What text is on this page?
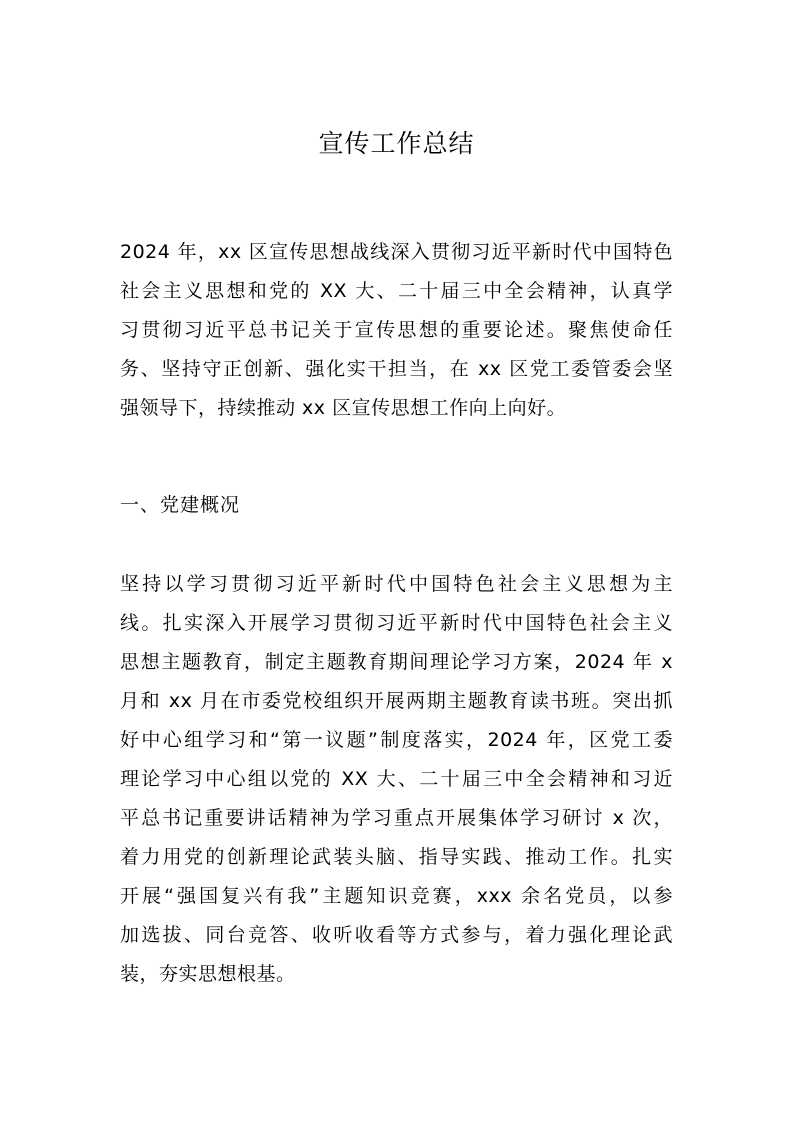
宣传工作总结
2024 年，xx 区宣传思想战线深入贯彻习近平新时代中国特色
社会主义思想和党的 XX 大、二十届三中全会精神，认真学
习贯彻习近平总书记关于宣传思想的重要论述。聚焦使命任
务、坚持守正创新、强化实干担当，在 xx 区党工委管委会坚
强领导下，持续推动 xx 区宣传思想工作向上向好。
一、党建概况
坚持以学习贯彻习近平新时代中国特色社会主义思想为主
线。扎实深入开展学习贯彻习近平新时代中国特色社会主义
思想主题教育，制定主题教育期间理论学习方案，2024 年 x
月和 xx 月在市委党校组织开展两期主题教育读书班。突出抓
好中心组学习和“第一议题”制度落实，2024 年，区党工委
理论学习中心组以党的 XX 大、二十届三中全会精神和习近
平总书记重要讲话精神为学习重点开展集体学习研讨 x 次，
着力用党的创新理论武装头脑、指导实践、推动工作。扎实
开展“强国复兴有我”主题知识竞赛，xxx 余名党员，以参
加选拔、同台竞答、收听收看等方式参与，着力强化理论武
装，夯实思想根基。
